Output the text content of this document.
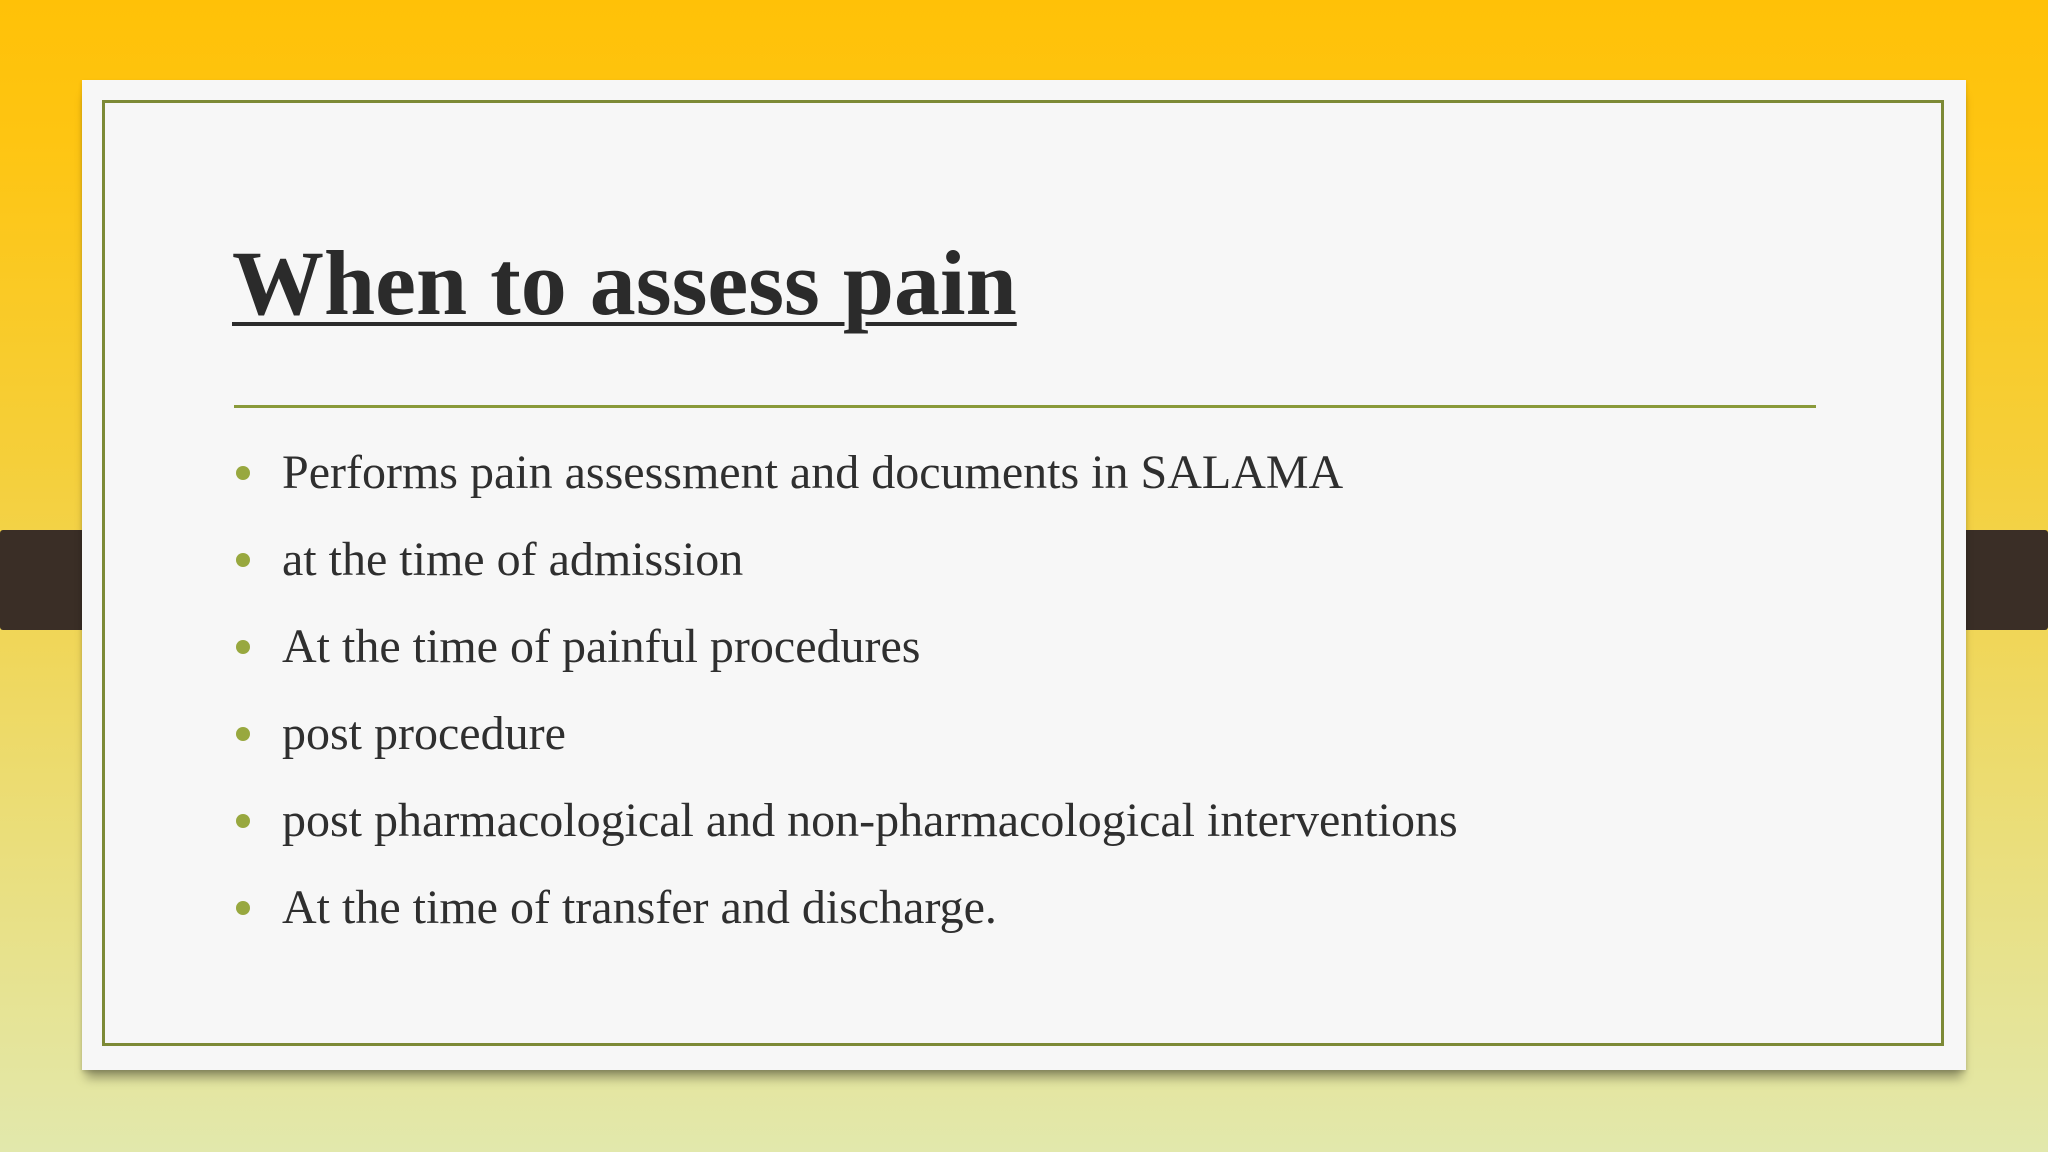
When to assess pain
Performs pain assessment and documents in SALAMA
at the time of admission
At the time of painful procedures
post procedure
post pharmacological and non-pharmacological interventions
At the time of transfer and discharge.
